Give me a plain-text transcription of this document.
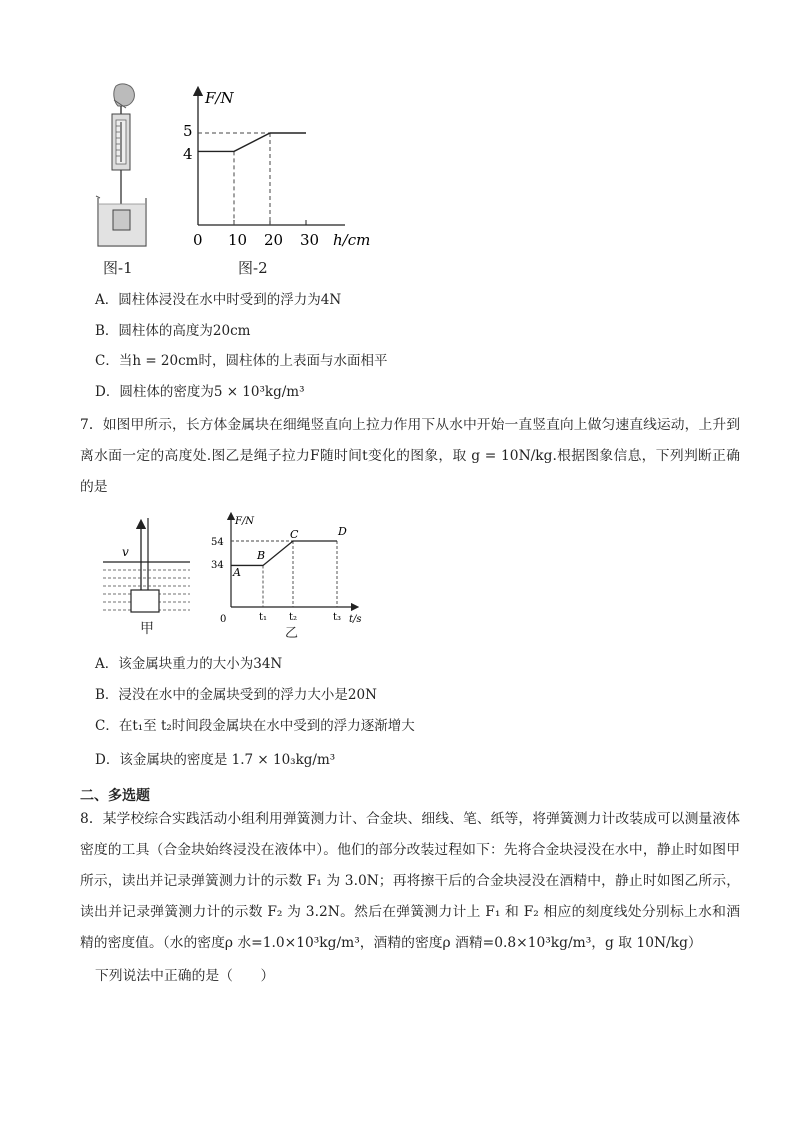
图-1
F/N
h/cm
5
4
0 10 20 30
图-2
A．圆柱体浸没在水中时受到的浮力为4N
B．圆柱体的高度为20cm
C．当h = 20cm时，圆柱体的上表面与水面相平
D．圆柱体的密度为5 × 10³kg/m³
7．如图甲所示，长方体金属块在细绳竖直向上拉力作用下从水中开始一直竖直向上做匀速直线运动，上升到离水面一定的高度处.图乙是绳子拉力F随时间t变化的图象，取 g = 10N/kg.根据图象信息，下列判断正确的是
v
甲
F/N
t/s
54
34
0	t₁ t₂	t₃
A
B
C	D
乙
A．该金属块重力的大小为34N
B．浸没在水中的金属块受到的浮力大小是20N
C．在t₁至 t₂时间段金属块在水中受到的浮力逐渐增大
D．该金属块的密度是 1.7 × 10₃kg/m³
二、多选题
8．某学校综合实践活动小组利用弹簧测力计、合金块、细线、笔、纸等，将弹簧测力计改装成可以测量液体密度的工具（合金块始终浸没在液体中）。他们的部分改装过程如下：先将合金块浸没在水中，静止时如图甲所示，读出并记录弹簧测力计的示数 F₁ 为 3.0N；再将擦干后的合金块浸没在酒精中，静止时如图乙所示，读出并记录弹簧测力计的示数 F₂ 为 3.2N。然后在弹簧测力计上 F₁ 和 F₂ 相应的刻度线处分别标上水和酒精的密度值。（水的密度ρ 水=1.0×10³kg/m³，酒精的密度ρ 酒精=0.8×10³kg/m³，g 取 10N/kg）
下列说法中正确的是（　　）
